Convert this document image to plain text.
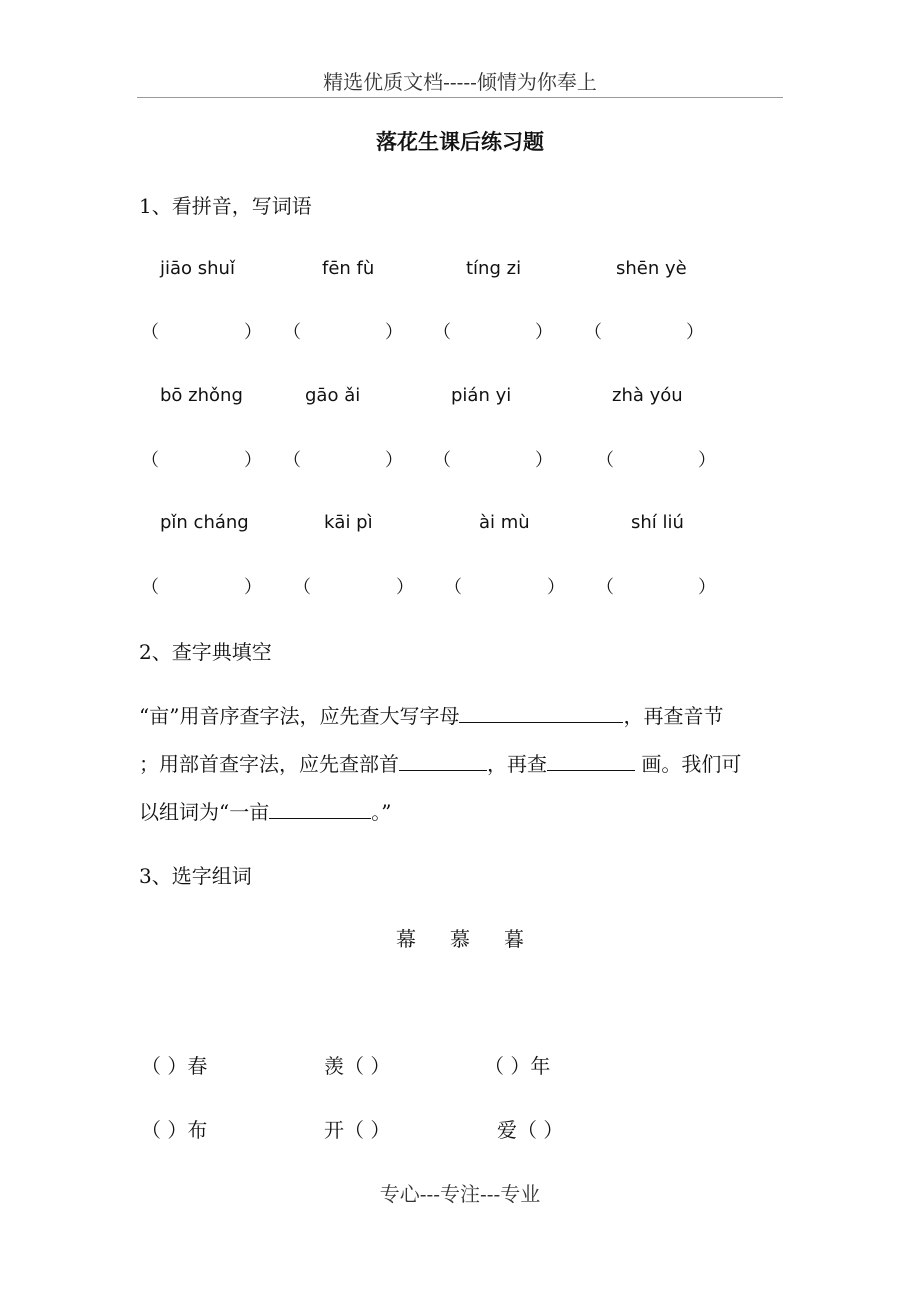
精选优质文档-----倾情为你奉上
落花生课后练习题
1、看拼音，写词语
jiāo shuǐ	fēn fù	tíng zi	shēn yè
（	） （	） （	） （	）
bō zhǒng	gāo ǎi	pián yi	zhà yóu
（	） （	） （	） （	）
pǐn cháng	kāi pì	ài mù	shí liú
（	） （	） （	） （	）
2、查字典填空
“亩”用音序查字法，应先查大写字母	，再查音节
；用部首查字法，应先查部首	，再查	画。我们可
以组词为“一亩	。”
3、选字组词
幕 慕 暮
（ ）春	羡（ ）	（ ）年
（ ）布	开（ ）	爱（ ）
专心---专注---专业
